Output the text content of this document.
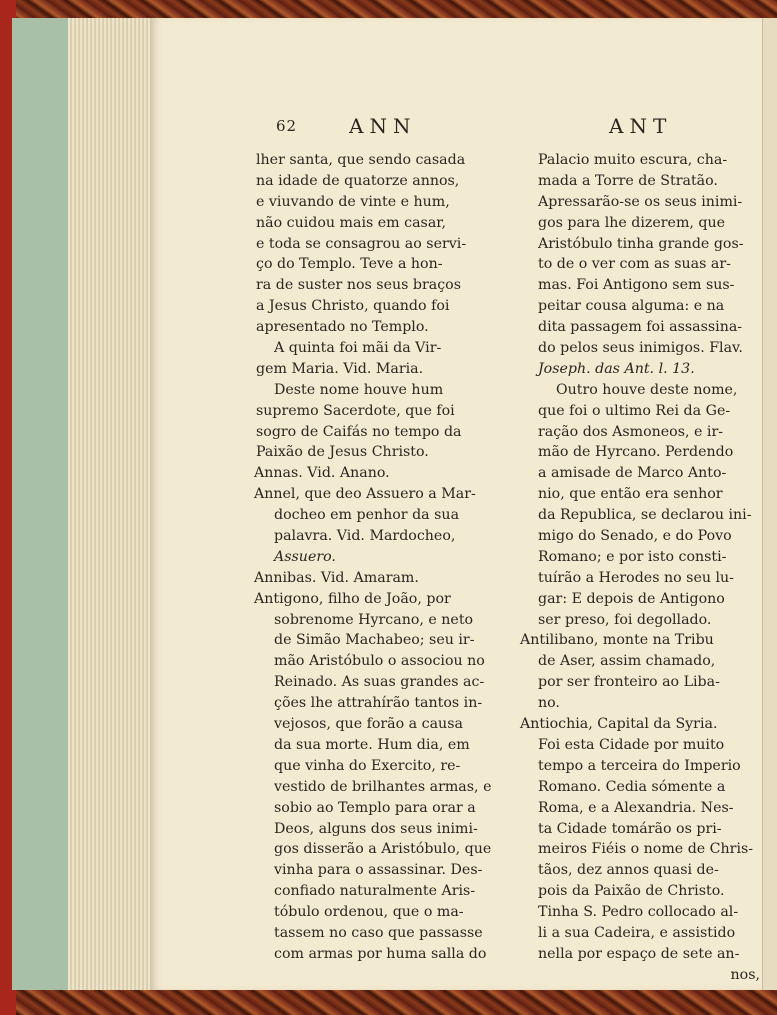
62	ANN	ANT
lher santa, que sendo casada
na idade de quatorze annos,
e viuvando de vinte e hum,
não cuidou mais em casar,
e toda se consagrou ao servi-
ço do Templo. Teve a hon-
ra de suster nos seus braços
a Jesus Christo, quando foi
apresentado no Templo.
A quinta foi mãi da Vir-
gem Maria. Vid. Maria.
Deste nome houve hum
supremo Sacerdote, que foi
sogro de Caifás no tempo da
Paixão de Jesus Christo.
Annas. Vid. Anano.
Annel, que deo Assuero a Mar-
docheo em penhor da sua
palavra. Vid. Mardocheo,
Assuero.
Annibas. Vid. Amaram.
Antigono, filho de João, por
sobrenome Hyrcano, e neto
de Simão Machabeo; seu ir-
mão Aristóbulo o associou no
Reinado. As suas grandes ac-
ções lhe attrahírão tantos in-
vejosos, que forão a causa
da sua morte. Hum dia, em
que vinha do Exercito, re-
vestido de brilhantes armas, e
sobio ao Templo para orar a
Deos, alguns dos seus inimi-
gos disserão a Aristóbulo, que
vinha para o assassinar. Des-
confiado naturalmente Aris-
tóbulo ordenou, que o ma-
tassem no caso que passasse
com armas por huma salla do
Palacio muito escura, cha-
mada a Torre de Stratão.
Apressarão-se os seus inimi-
gos para lhe dizerem, que
Aristóbulo tinha grande gos-
to de o ver com as suas ar-
mas. Foi Antigono sem sus-
peitar cousa alguma: e na
dita passagem foi assassina-
do pelos seus inimigos. Flav.
Joseph. das Ant. l. 13.
Outro houve deste nome,
que foi o ultimo Rei da Ge-
ração dos Asmoneos, e ir-
mão de Hyrcano. Perdendo
a amisade de Marco Anto-
nio, que então era senhor
da Republica, se declarou ini-
migo do Senado, e do Povo
Romano; e por isto consti-
tuírão a Herodes no seu lu-
gar: E depois de Antigono
ser preso, foi degollado.
Antilibano, monte na Tribu
de Aser, assim chamado,
por ser fronteiro ao Liba-
no.
Antiochia, Capital da Syria.
Foi esta Cidade por muito
tempo a terceira do Imperio
Romano. Cedia sómente a
Roma, e a Alexandria. Nes-
ta Cidade tomárão os pri-
meiros Fiéis o nome de Chris-
tãos, dez annos quasi de-
pois da Paixão de Christo.
Tinha S. Pedro collocado al-
li a sua Cadeira, e assistido
nella por espaço de sete an-
nos,
